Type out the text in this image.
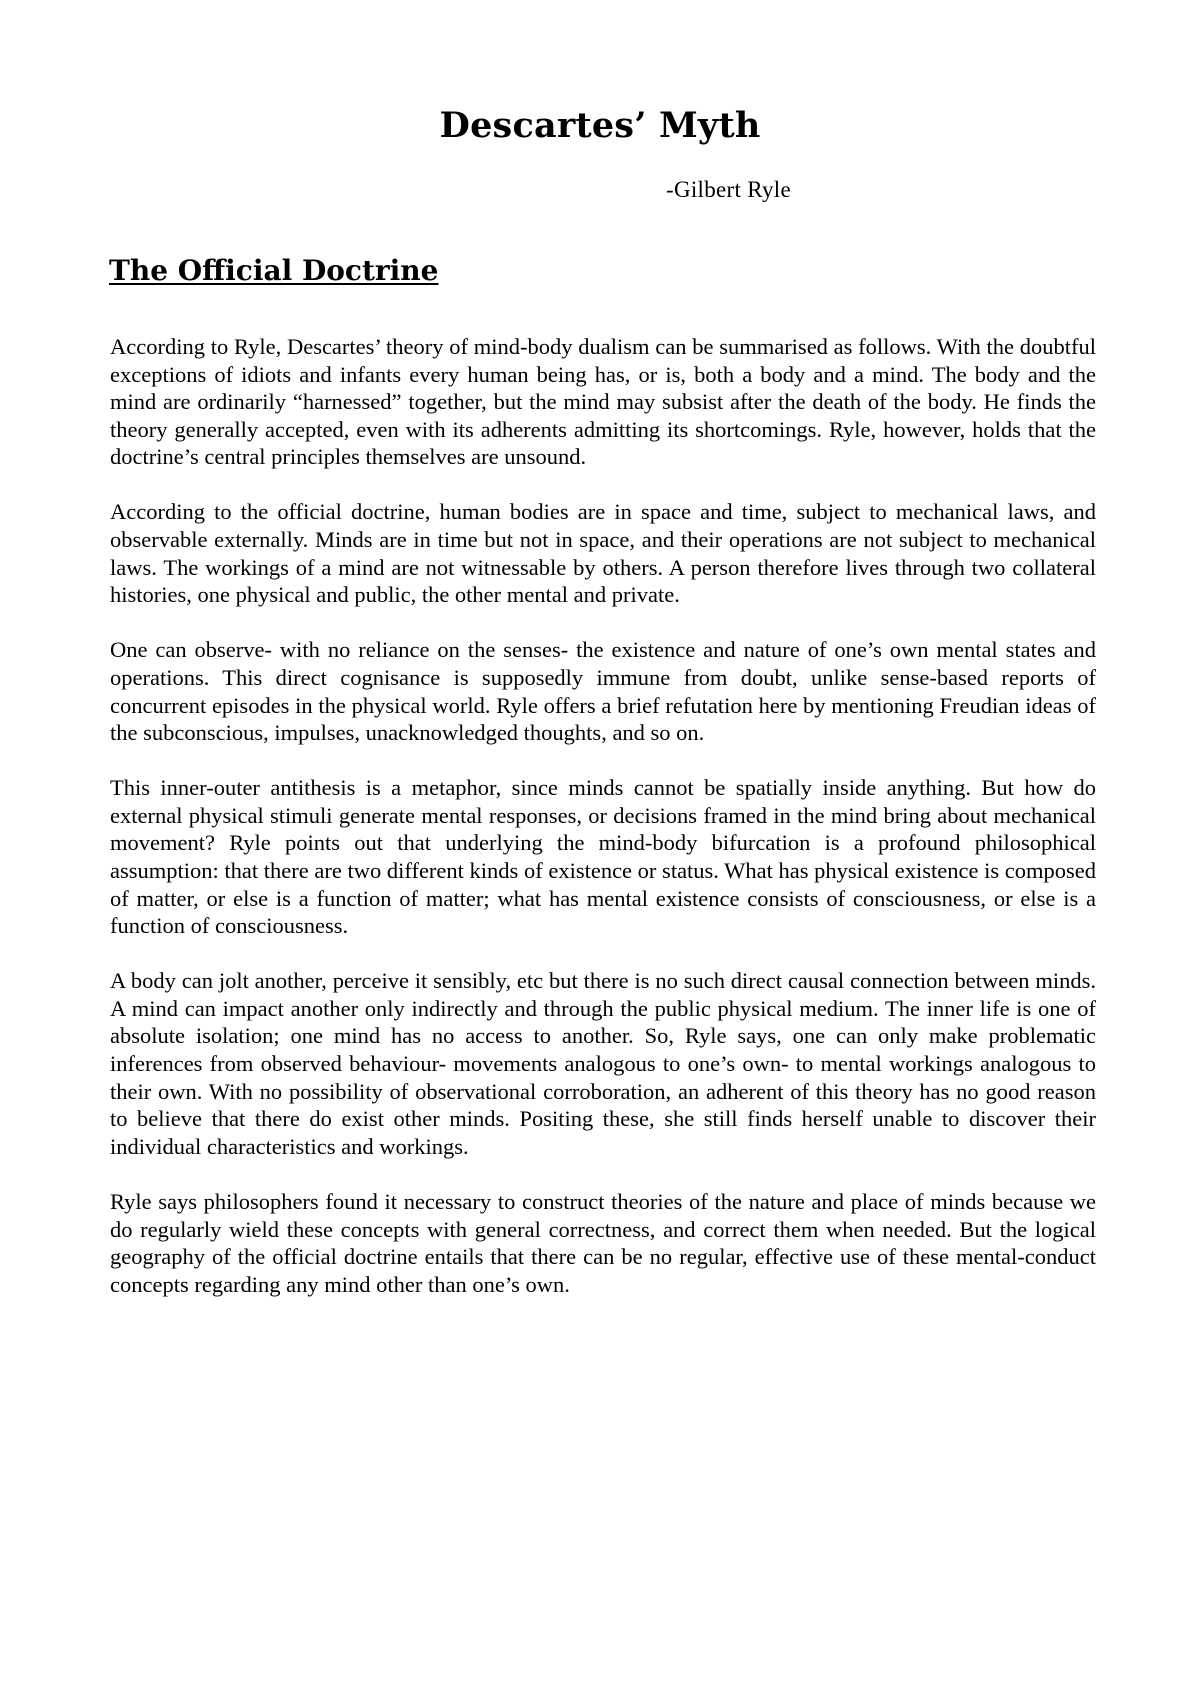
Descartes’ Myth

-Gilbert Ryle

The Official Doctrine

According to Ryle, Descartes’ theory of mind-body dualism can be summarised as follows. With the doubtful exceptions of idiots and infants every human being has, or is, both a body and a mind. The body and the mind are ordinarily “harnessed” together, but the mind may subsist after the death of the body. He finds the theory generally accepted, even with its adherents admitting its shortcomings. Ryle, however, holds that the doctrine’s central principles themselves are unsound.

According to the official doctrine, human bodies are in space and time, subject to mechanical laws, and observable externally. Minds are in time but not in space, and their operations are not subject to mechanical laws. The workings of a mind are not witnessable by others. A person therefore lives through two collateral histories, one physical and public, the other mental and private.

One can observe- with no reliance on the senses- the existence and nature of one’s own mental states and operations. This direct cognisance is supposedly immune from doubt, unlike sense-based reports of concurrent episodes in the physical world. Ryle offers a brief refutation here by mentioning Freudian ideas of the subconscious, impulses, unacknowledged thoughts, and so on.

This inner-outer antithesis is a metaphor, since minds cannot be spatially inside anything. But how do external physical stimuli generate mental responses, or decisions framed in the mind bring about mechanical movement? Ryle points out that underlying the mind-body bifurcation is a profound philosophical assumption: that there are two different kinds of existence or status. What has physical existence is composed of matter, or else is a function of matter; what has mental existence consists of consciousness, or else is a function of consciousness.

A body can jolt another, perceive it sensibly, etc but there is no such direct causal connection between minds. A mind can impact another only indirectly and through the public physical medium. The inner life is one of absolute isolation; one mind has no access to another. So, Ryle says, one can only make problematic inferences from observed behaviour- movements analogous to one’s own- to mental workings analogous to their own. With no possibility of observational corroboration, an adherent of this theory has no good reason to believe that there do exist other minds. Positing these, she still finds herself unable to discover their individual characteristics and workings.

Ryle says philosophers found it necessary to construct theories of the nature and place of minds because we do regularly wield these concepts with general correctness, and correct them when needed. But the logical geography of the official doctrine entails that there can be no regular, effective use of these mental-conduct concepts regarding any mind other than one’s own.
